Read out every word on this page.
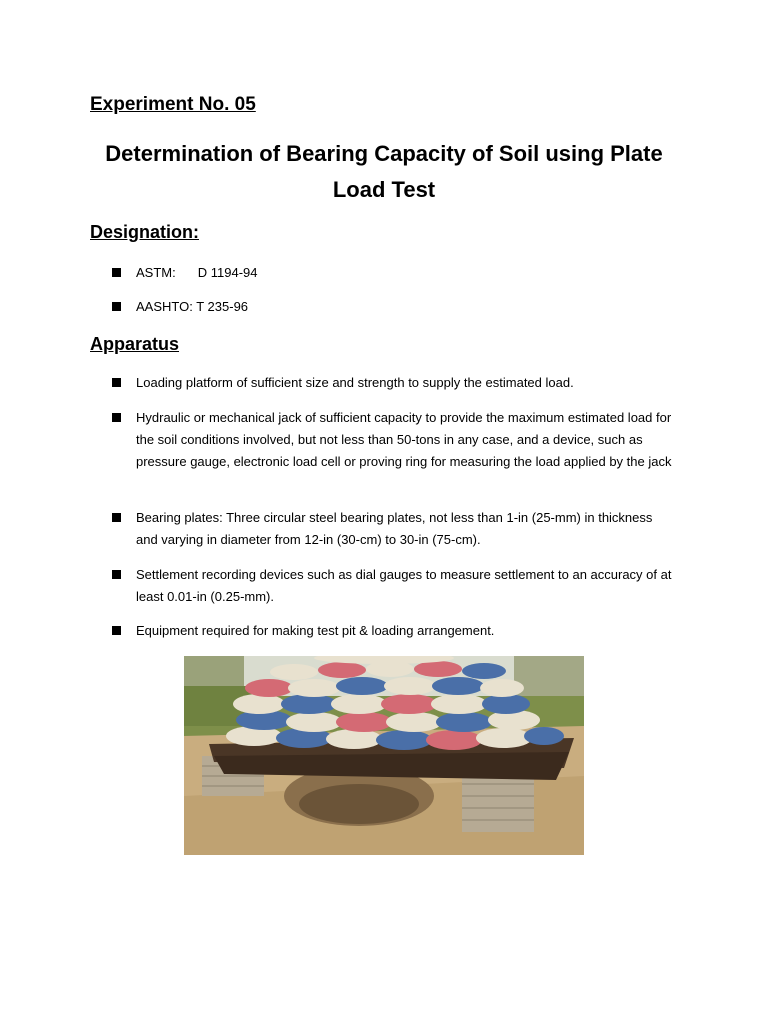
Experiment No. 05
Determination of Bearing Capacity of Soil using Plate
Load Test
Designation:
ASTM: D 1194-94
AASHTO: T 235-96
Apparatus
Loading platform of sufficient size and strength to supply the estimated load.
Hydraulic or mechanical jack of sufficient capacity to provide the maximum estimated load for the soil conditions involved, but not less than 50-tons in any case, and a device, such as pressure gauge, electronic load cell or proving ring for measuring the load applied by the jack
Bearing plates: Three circular steel bearing plates, not less than 1-in (25-mm) in thickness and varying in diameter from 12-in (30-cm) to 30-in (75-cm).
Settlement recording devices such as dial gauges to measure settlement to an accuracy of at least 0.01-in (0.25-mm).
Equipment required for making test pit & loading arrangement.
